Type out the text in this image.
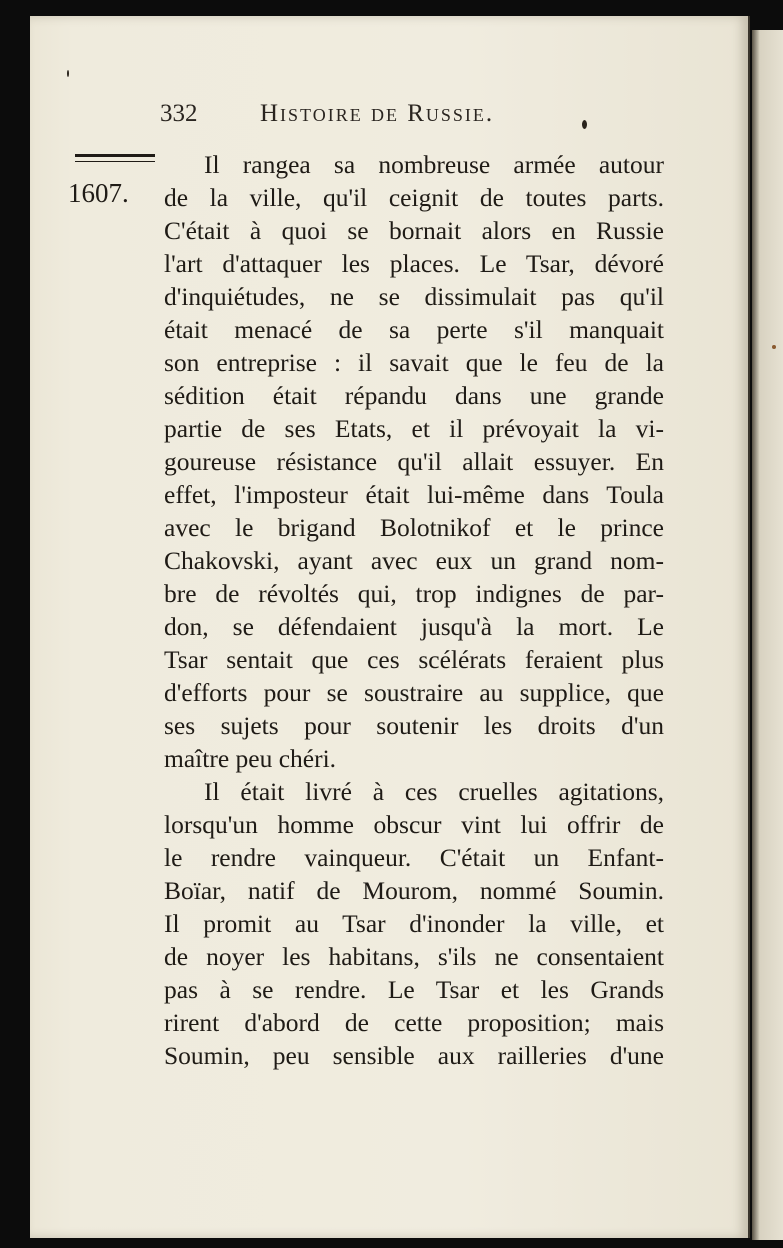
332	Histoire de Russie.
1607.
Il rangea sa nombreuse armée autour
de la ville, qu'il ceignit de toutes parts.
C'était à quoi se bornait alors en Russie
l'art d'attaquer les places. Le Tsar, dévoré
d'inquiétudes, ne se dissimulait pas qu'il
était menacé de sa perte s'il manquait
son entreprise : il savait que le feu de la
sédition était répandu dans une grande
partie de ses Etats, et il prévoyait la vi-
goureuse résistance qu'il allait essuyer. En
effet, l'imposteur était lui-même dans Toula
avec le brigand Bolotnikof et le prince
Chakovski, ayant avec eux un grand nom-
bre de révoltés qui, trop indignes de par-
don, se défendaient jusqu'à la mort. Le
Tsar sentait que ces scélérats feraient plus
d'efforts pour se soustraire au supplice, que
ses sujets pour soutenir les droits d'un
maître peu chéri.
Il était livré à ces cruelles agitations,
lorsqu'un homme obscur vint lui offrir de
le rendre vainqueur. C'était un Enfant-
Boïar, natif de Mourom, nommé Soumin.
Il promit au Tsar d'inonder la ville, et
de noyer les habitans, s'ils ne consentaient
pas à se rendre. Le Tsar et les Grands
rirent d'abord de cette proposition; mais
Soumin, peu sensible aux railleries d'une
